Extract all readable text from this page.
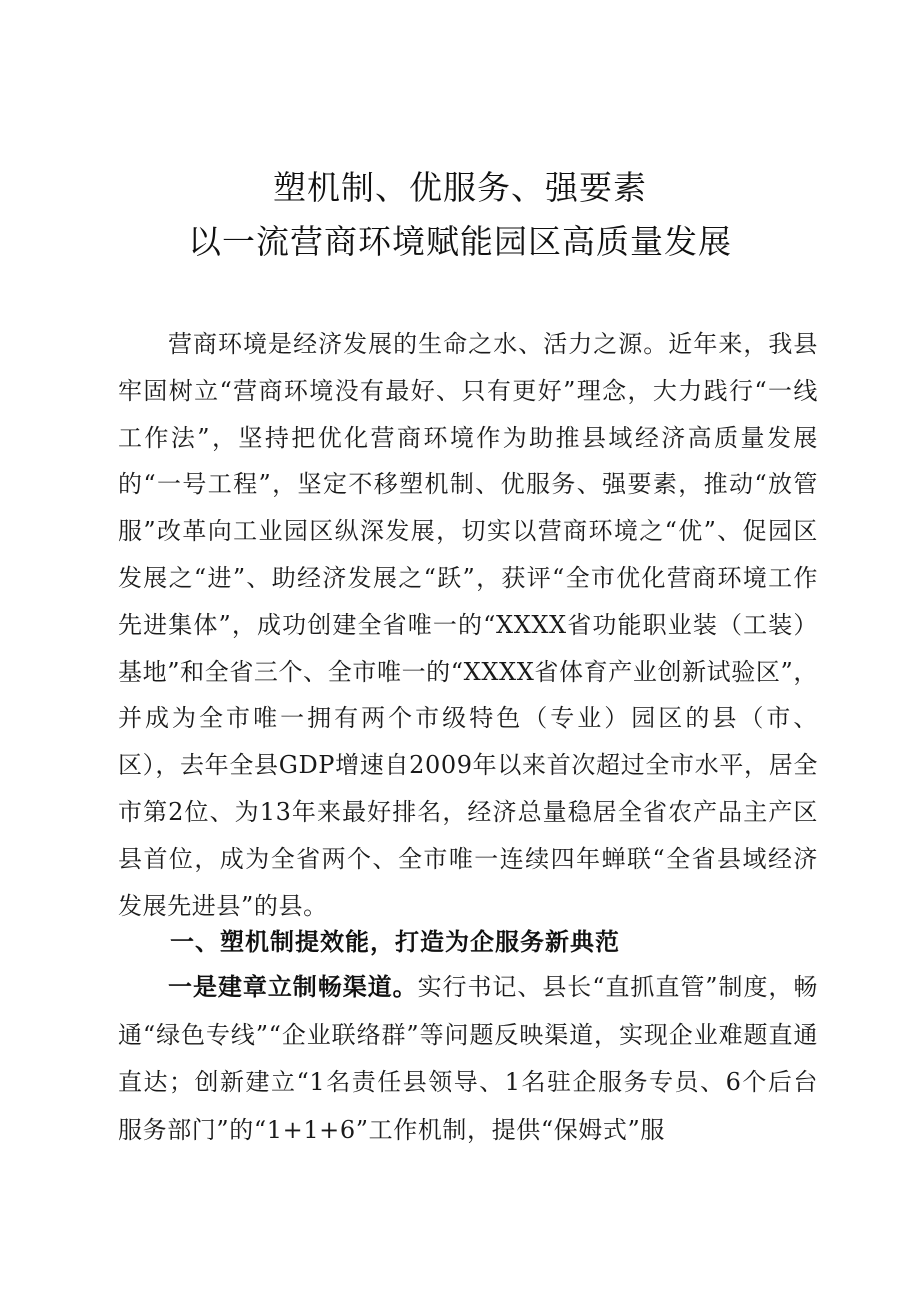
塑机制、优服务、强要素
以一流营商环境赋能园区高质量发展
营商环境是经济发展的生命之水、活力之源。近年来，我县牢固树立“营商环境没有最好、只有更好”理念，大力践行“一线工作法”，坚持把优化营商环境作为助推县域经济高质量发展的“一号工程”，坚定不移塑机制、优服务、强要素，推动“放管服”改革向工业园区纵深发展，切实以营商环境之“优”、促园区发展之“进”、助经济发展之“跃”，获评“全市优化营商环境工作先进集体”，成功创建全省唯一的“XXXX省功能职业装（工装）基地”和全省三个、全市唯一的“XXXX省体育产业创新试验区”，并成为全市唯一拥有两个市级特色（专业）园区的县（市、区），去年全县GDP增速自2009年以来首次超过全市水平，居全市第2位、为13年来最好排名，经济总量稳居全省农产品主产区县首位，成为全省两个、全市唯一连续四年蝉联“全省县域经济发展先进县”的县。
一、塑机制提效能，打造为企服务新典范
一是建章立制畅渠道。实行书记、县长“直抓直管”制度，畅通“绿色专线”“企业联络群”等问题反映渠道，实现企业难题直通直达；创新建立“1名责任县领导、1名驻企服务专员、6个后台服务部门”的“1+1+6”工作机制，提供“保姆式”服
